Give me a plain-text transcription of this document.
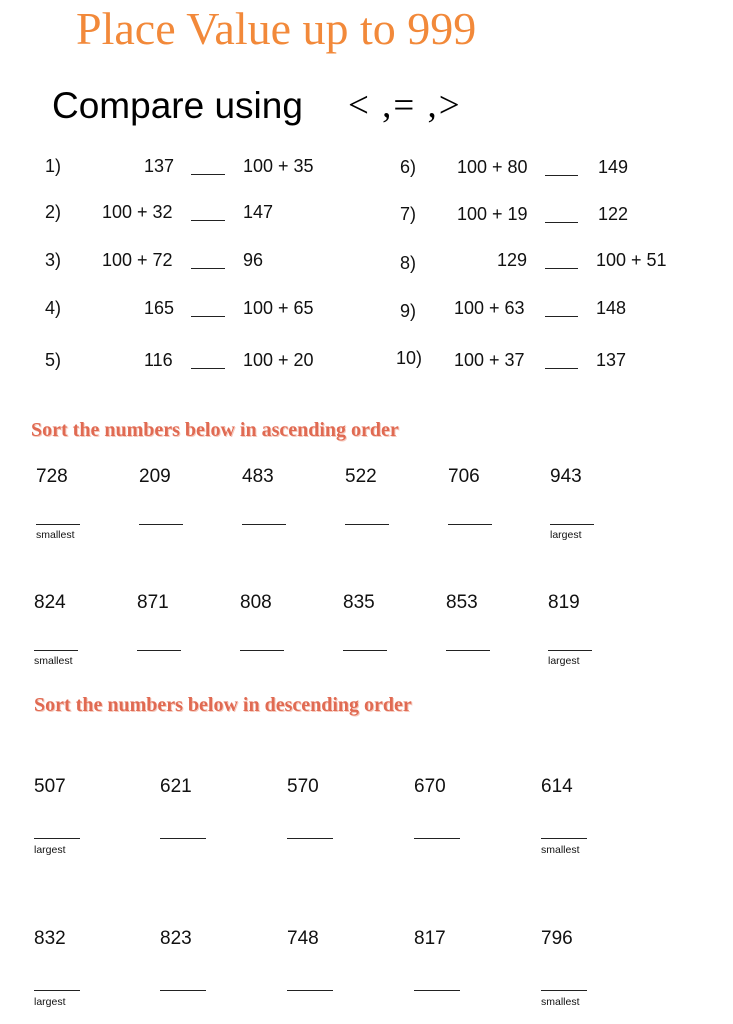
Place Value up to 999
Compare using < ,= ,>
1)	137	100 + 35
2) 100 + 32	147
3) 100 + 72	96
4)	165	100 + 65
5)	116	100 + 20
6) 100 + 80	149
7) 100 + 19	122
8)	129	100 + 51
9) 100 + 63	148
10) 100 + 37	137
Sort the numbers below in ascending order
728	209	483	522	706	943
smallest	largest
824	871	808	835	853	819
smallest	largest
Sort the numbers below in descending order
507	621	570	670	614
largest	smallest
832	823	748	817	796
largest	smallest
